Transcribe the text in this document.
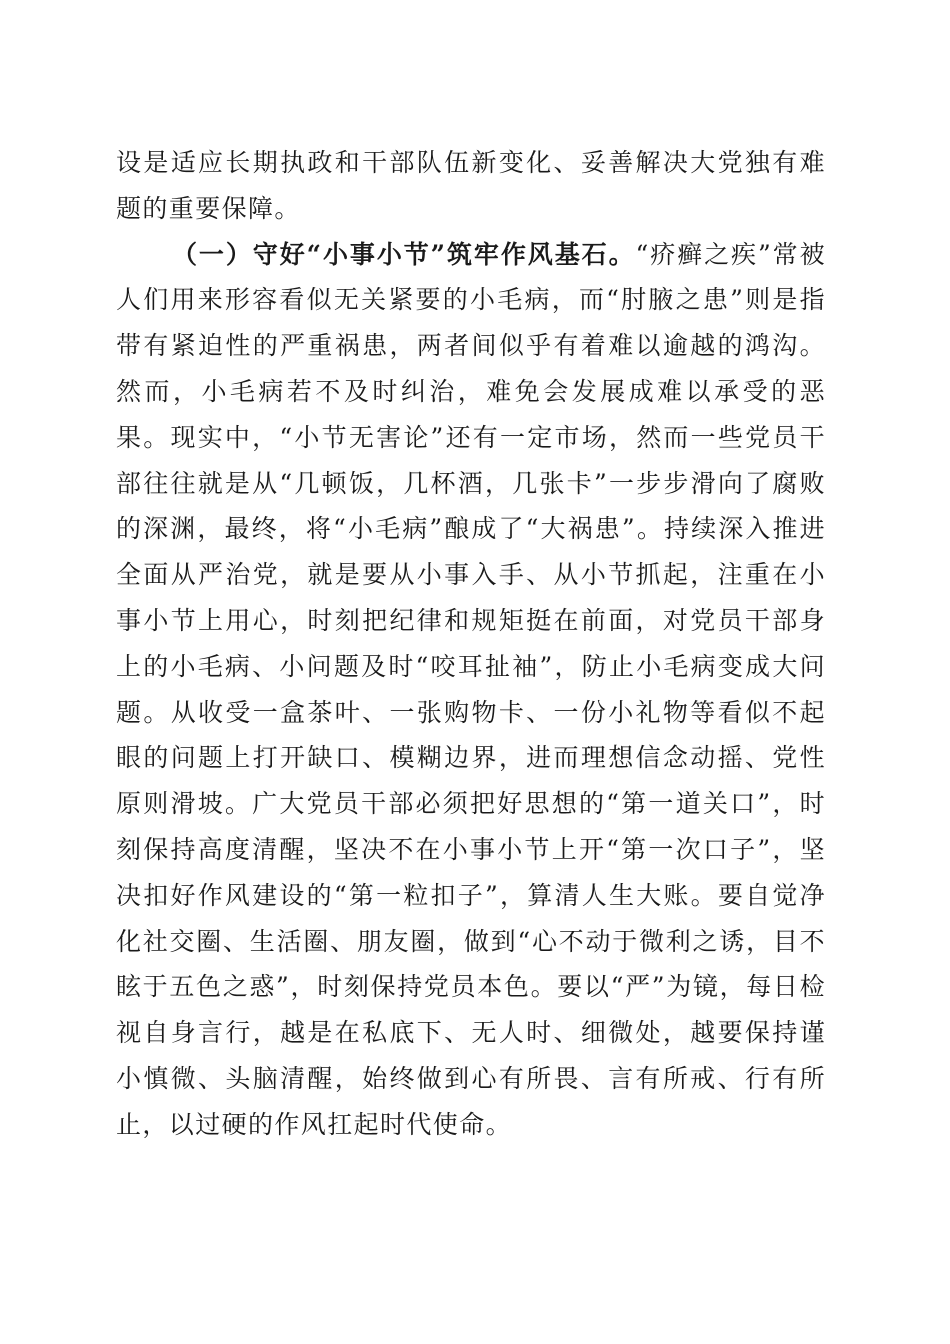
设是适应长期执政和干部队伍新变化、妥善解决大党独有难题的重要保障。

（一）守好“小事小节”筑牢作风基石。“疥癣之疾”常被人们用来形容看似无关紧要的小毛病，而“肘腋之患”则是指带有紧迫性的严重祸患，两者间似乎有着难以逾越的鸿沟。然而，小毛病若不及时纠治，难免会发展成难以承受的恶果。现实中，“小节无害论”还有一定市场，然而一些党员干部往往就是从“几顿饭，几杯酒，几张卡”一步步滑向了腐败的深渊，最终，将“小毛病”酿成了“大祸患”。持续深入推进全面从严治党，就是要从小事入手、从小节抓起，注重在小事小节上用心，时刻把纪律和规矩挺在前面，对党员干部身上的小毛病、小问题及时“咬耳扯袖”，防止小毛病变成大问题。从收受一盒茶叶、一张购物卡、一份小礼物等看似不起眼的问题上打开缺口、模糊边界，进而理想信念动摇、党性原则滑坡。广大党员干部必须把好思想的“第一道关口”，时刻保持高度清醒，坚决不在小事小节上开“第一次口子”，坚决扣好作风建设的“第一粒扣子”，算清人生大账。要自觉净化社交圈、生活圈、朋友圈，做到“心不动于微利之诱，目不眩于五色之惑”，时刻保持党员本色。要以“严”为镜，每日检视自身言行，越是在私底下、无人时、细微处，越要保持谨小慎微、头脑清醒，始终做到心有所畏、言有所戒、行有所止，以过硬的作风扛起时代使命。
